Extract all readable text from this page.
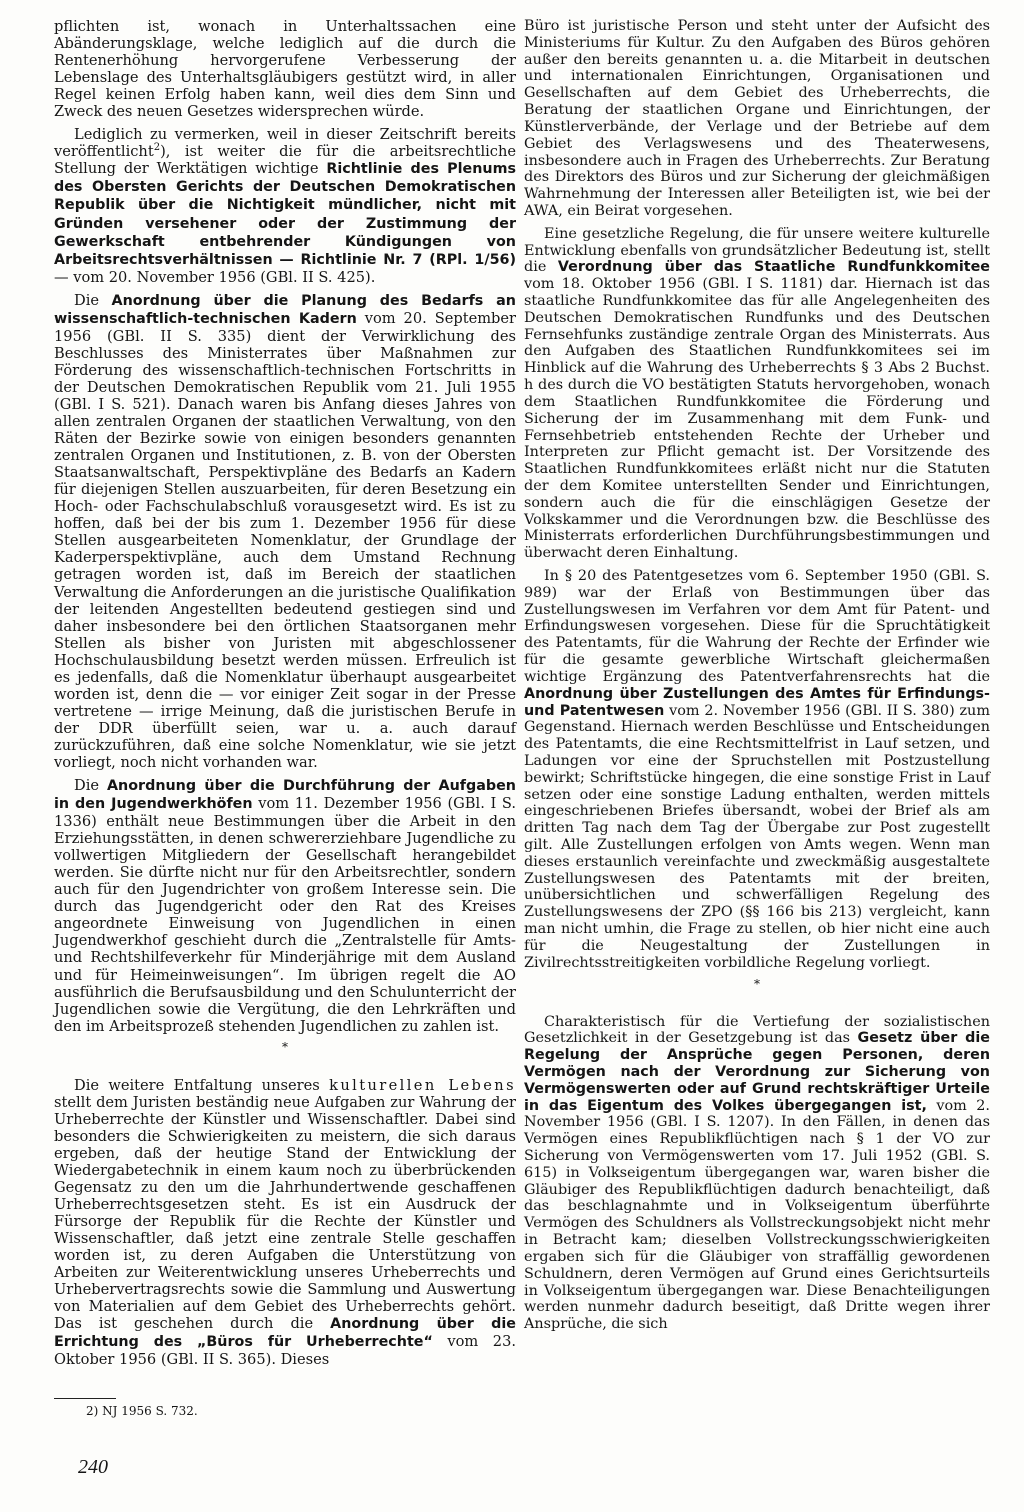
pflichten ist, wonach in Unterhaltssachen eine Abänderungsklage, welche lediglich auf die durch die Rentenerhöhung hervorgerufene Verbesserung der Lebenslage des Unterhaltsgläubigers gestützt wird, in aller Regel keinen Erfolg haben kann, weil dies dem Sinn und Zweck des neuen Gesetzes widersprechen würde.

Lediglich zu vermerken, weil in dieser Zeitschrift bereits veröffentlicht$^2$), ist weiter die für die arbeitsrechtliche Stellung der Werktätigen wichtige Richtlinie des Plenums des Obersten Gerichts der Deutschen Demokratischen Republik über die Nichtigkeit mündlicher, nicht mit Gründen versehener oder der Zustimmung der Gewerkschaft entbehrender Kündigungen von Arbeitsrechtsverhältnissen — Richtlinie Nr. 7 (RPl. 1/56) — vom 20. November 1956 (GBl. II S. 425).

Die Anordnung über die Planung des Bedarfs an wissenschaftlich-technischen Kadern vom 20. September 1956 (GBl. II S. 335) dient der Verwirklichung des Beschlusses des Ministerrates über Maßnahmen zur Förderung des wissenschaftlich-technischen Fortschritts in der Deutschen Demokratischen Republik vom 21. Juli 1955 (GBl. I S. 521). Danach waren bis Anfang dieses Jahres von allen zentralen Organen der staatlichen Verwaltung, von den Räten der Bezirke sowie von einigen besonders genannten zentralen Organen und Institutionen, z. B. von der Obersten Staatsanwaltschaft, Perspektivpläne des Bedarfs an Kadern für diejenigen Stellen auszuarbeiten, für deren Besetzung ein Hoch- oder Fachschulabschluß vorausgesetzt wird. Es ist zu hoffen, daß bei der bis zum 1. Dezember 1956 für diese Stellen ausgearbeiteten Nomenklatur, der Grundlage der Kaderperspektivpläne, auch dem Umstand Rechnung getragen worden ist, daß im Bereich der staatlichen Verwaltung die Anforderungen an die juristische Qualifikation der leitenden Angestellten bedeutend gestiegen sind und daher insbesondere bei den örtlichen Staatsorganen mehr Stellen als bisher von Juristen mit abgeschlossener Hochschulausbildung besetzt werden müssen. Erfreulich ist es jedenfalls, daß die Nomenklatur überhaupt ausgearbeitet worden ist, denn die — vor einiger Zeit sogar in der Presse vertretene — irrige Meinung, daß die juristischen Berufe in der DDR überfüllt seien, war u. a. auch darauf zurückzuführen, daß eine solche Nomenklatur, wie sie jetzt vorliegt, noch nicht vorhanden war.

Die Anordnung über die Durchführung der Aufgaben in den Jugendwerkhöfen vom 11. Dezember 1956 (GBl. I S. 1336) enthält neue Bestimmungen über die Arbeit in den Erziehungsstätten, in denen schwererziehbare Jugendliche zu vollwertigen Mitgliedern der Gesellschaft herangebildet werden. Sie dürfte nicht nur für den Arbeitsrechtler, sondern auch für den Jugendrichter von großem Interesse sein. Die durch das Jugendgericht oder den Rat des Kreises angeordnete Einweisung von Jugendlichen in einen Jugendwerkhof geschieht durch die „Zentralstelle für Amts- und Rechtshilfeverkehr für Minderjährige mit dem Ausland und für Heimeinweisungen“. Im übrigen regelt die AO ausführlich die Berufsausbildung und den Schulunterricht der Jugendlichen sowie die Vergütung, die den Lehrkräften und den im Arbeitsprozeß stehenden Jugendlichen zu zahlen ist.

*

Die weitere Entfaltung unseres kulturellen Lebens stellt dem Juristen beständig neue Aufgaben zur Wahrung der Urheberrechte der Künstler und Wissenschaftler. Dabei sind besonders die Schwierigkeiten zu meistern, die sich daraus ergeben, daß der heutige Stand der Entwicklung der Wiedergabetechnik in einem kaum noch zu überbrückenden Gegensatz zu den um die Jahrhundertwende geschaffenen Urheberrechtsgesetzen steht. Es ist ein Ausdruck der Fürsorge der Republik für die Rechte der Künstler und Wissenschaftler, daß jetzt eine zentrale Stelle geschaffen worden ist, zu deren Aufgaben die Unterstützung von Arbeiten zur Weiterentwicklung unseres Urheberrechts und Urhebervertragsrechts sowie die Sammlung und Auswertung von Materialien auf dem Gebiet des Urheberrechts gehört. Das ist geschehen durch die Anordnung über die Errichtung des „Büros für Urheberrechte“ vom 23. Oktober 1956 (GBl. II S. 365). Dieses

Büro ist juristische Person und steht unter der Aufsicht des Ministeriums für Kultur. Zu den Aufgaben des Büros gehören außer den bereits genannten u. a. die Mitarbeit in deutschen und internationalen Einrichtungen, Organisationen und Gesellschaften auf dem Gebiet des Urheberrechts, die Beratung der staatlichen Organe und Einrichtungen, der Künstlerverbände, der Verlage und der Betriebe auf dem Gebiet des Verlagswesens und des Theaterwesens, insbesondere auch in Fragen des Urheberrechts. Zur Beratung des Direktors des Büros und zur Sicherung der gleichmäßigen Wahrnehmung der Interessen aller Beteiligten ist, wie bei der AWA, ein Beirat vorgesehen.

Eine gesetzliche Regelung, die für unsere weitere kulturelle Entwicklung ebenfalls von grundsätzlicher Bedeutung ist, stellt die Verordnung über das Staatliche Rundfunkkomitee vom 18. Oktober 1956 (GBl. I S. 1181) dar. Hiernach ist das staatliche Rundfunkkomitee das für alle Angelegenheiten des Deutschen Demokratischen Rundfunks und des Deutschen Fernsehfunks zuständige zentrale Organ des Ministerrats. Aus den Aufgaben des Staatlichen Rundfunkkomitees sei im Hinblick auf die Wahrung des Urheberrechts § 3 Abs 2 Buchst. h des durch die VO bestätigten Statuts hervorgehoben, wonach dem Staatlichen Rundfunkkomitee die Förderung und Sicherung der im Zusammenhang mit dem Funk- und Fernsehbetrieb entstehenden Rechte der Urheber und Interpreten zur Pflicht gemacht ist. Der Vorsitzende des Staatlichen Rundfunkkomitees erläßt nicht nur die Statuten der dem Komitee unterstellten Sender und Einrichtungen, sondern auch die für die einschlägigen Gesetze der Volkskammer und die Verordnungen bzw. die Beschlüsse des Ministerrats erforderlichen Durchführungsbestimmungen und überwacht deren Einhaltung.

In § 20 des Patentgesetzes vom 6. September 1950 (GBl. S. 989) war der Erlaß von Bestimmungen über das Zustellungswesen im Verfahren vor dem Amt für Patent- und Erfindungswesen vorgesehen. Diese für die Spruchtätigkeit des Patentamts, für die Wahrung der Rechte der Erfinder wie für die gesamte gewerbliche Wirtschaft gleichermaßen wichtige Ergänzung des Patentverfahrensrechts hat die Anordnung über Zustellungen des Amtes für Erfindungs- und Patentwesen vom 2. November 1956 (GBl. II S. 380) zum Gegenstand. Hiernach werden Beschlüsse und Entscheidungen des Patentamts, die eine Rechtsmittelfrist in Lauf setzen, und Ladungen vor eine der Spruchstellen mit Postzustellung bewirkt; Schriftstücke hingegen, die eine sonstige Frist in Lauf setzen oder eine sonstige Ladung enthalten, werden mittels eingeschriebenen Briefes übersandt, wobei der Brief als am dritten Tag nach dem Tag der Übergabe zur Post zugestellt gilt. Alle Zustellungen erfolgen von Amts wegen. Wenn man dieses erstaunlich vereinfachte und zweckmäßig ausgestaltete Zustellungswesen des Patentamts mit der breiten, unübersichtlichen und schwerfälligen Regelung des Zustellungswesens der ZPO (§§ 166 bis 213) vergleicht, kann man nicht umhin, die Frage zu stellen, ob hier nicht eine auch für die Neugestaltung der Zustellungen in Zivilrechtsstreitigkeiten vorbildliche Regelung vorliegt.

*

Charakteristisch für die Vertiefung der sozialistischen Gesetzlichkeit in der Gesetzgebung ist das Gesetz über die Regelung der Ansprüche gegen Personen, deren Vermögen nach der Verordnung zur Sicherung von Vermögenswerten oder auf Grund rechtskräftiger Urteile in das Eigentum des Volkes übergegangen ist, vom 2. November 1956 (GBl. I S. 1207). In den Fällen, in denen das Vermögen eines Republikflüchtigen nach § 1 der VO zur Sicherung von Vermögenswerten vom 17. Juli 1952 (GBl. S. 615) in Volkseigentum übergegangen war, waren bisher die Gläubiger des Republikflüchtigen dadurch benachteiligt, daß das beschlagnahmte und in Volkseigentum überführte Vermögen des Schuldners als Vollstreckungsobjekt nicht mehr in Betracht kam; dieselben Vollstreckungsschwierigkeiten ergaben sich für die Gläubiger von straffällig gewordenen Schuldnern, deren Vermögen auf Grund eines Gerichtsurteils in Volkseigentum übergegangen war. Diese Benachteiligungen werden nunmehr dadurch beseitigt, daß Dritte wegen ihrer Ansprüche, die sich

2) NJ 1956 S. 732.
240
